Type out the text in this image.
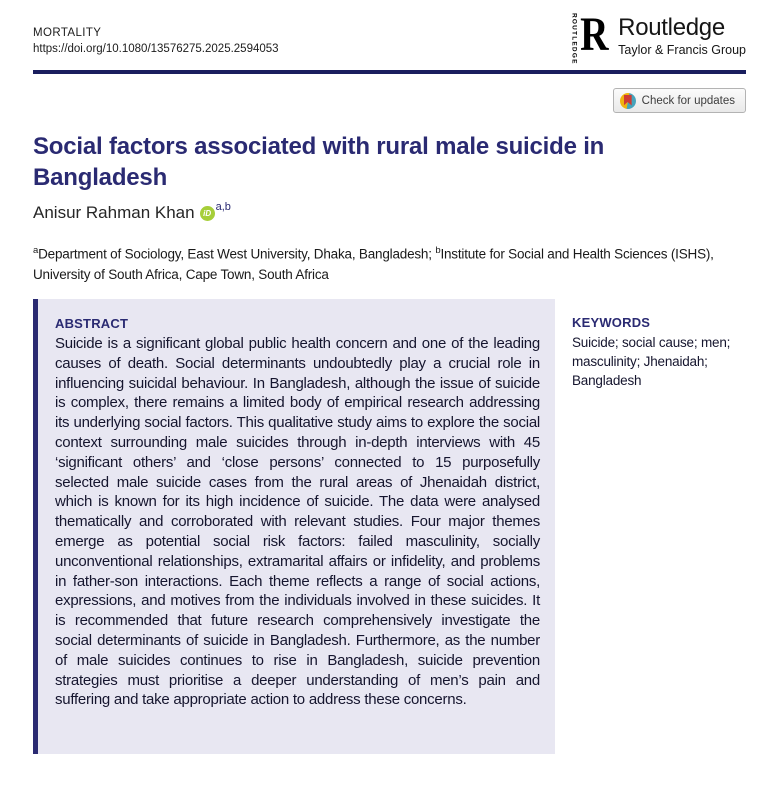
MORTALITY
https://doi.org/10.1080/13576275.2025.2594053	ROUTLEDGE R Routledge
Taylor & Francis Group
Check for updates
Social factors associated with rural male suicide in Bangladesh
Anisur Rahman Khan	iD a,b

$^a$Department of Sociology, East West University, Dhaka, Bangladesh; $^b$Institute for Social and Health Sciences (ISHS), University of South Africa, Cape Town, South Africa

ABSTRACT
Suicide is a significant global public health concern and one of the leading causes of death. Social determinants undoubtedly play a crucial role in influencing suicidal behaviour. In Bangladesh, although the issue of suicide is complex, there remains a limited body of empirical research addressing its underlying social factors. This qualitative study aims to explore the social context surrounding male suicides through in-depth interviews with 45 ‘significant others’ and ‘close persons’ connected to 15 purposefully selected male suicide cases from the rural areas of Jhenaidah district, which is known for its high incidence of suicide. The data were analysed thematically and corroborated with relevant studies. Four major themes emerge as potential social risk factors: failed masculinity, socially unconventional relationships, extramarital affairs or infidelity, and problems in father-son interactions. Each theme reflects a range of social actions, expressions, and motives from the individuals involved in these suicides. It is recommended that future research comprehensively investigate the social determinants of suicide in Bangladesh. Furthermore, as the number of male suicides continues to rise in Bangladesh, suicide prevention strategies must prioritise a deeper understanding of men’s pain and suffering and take appropriate action to address these concerns.
KEYWORDS
Suicide; social cause; men; masculinity; Jhenaidah; Bangladesh
